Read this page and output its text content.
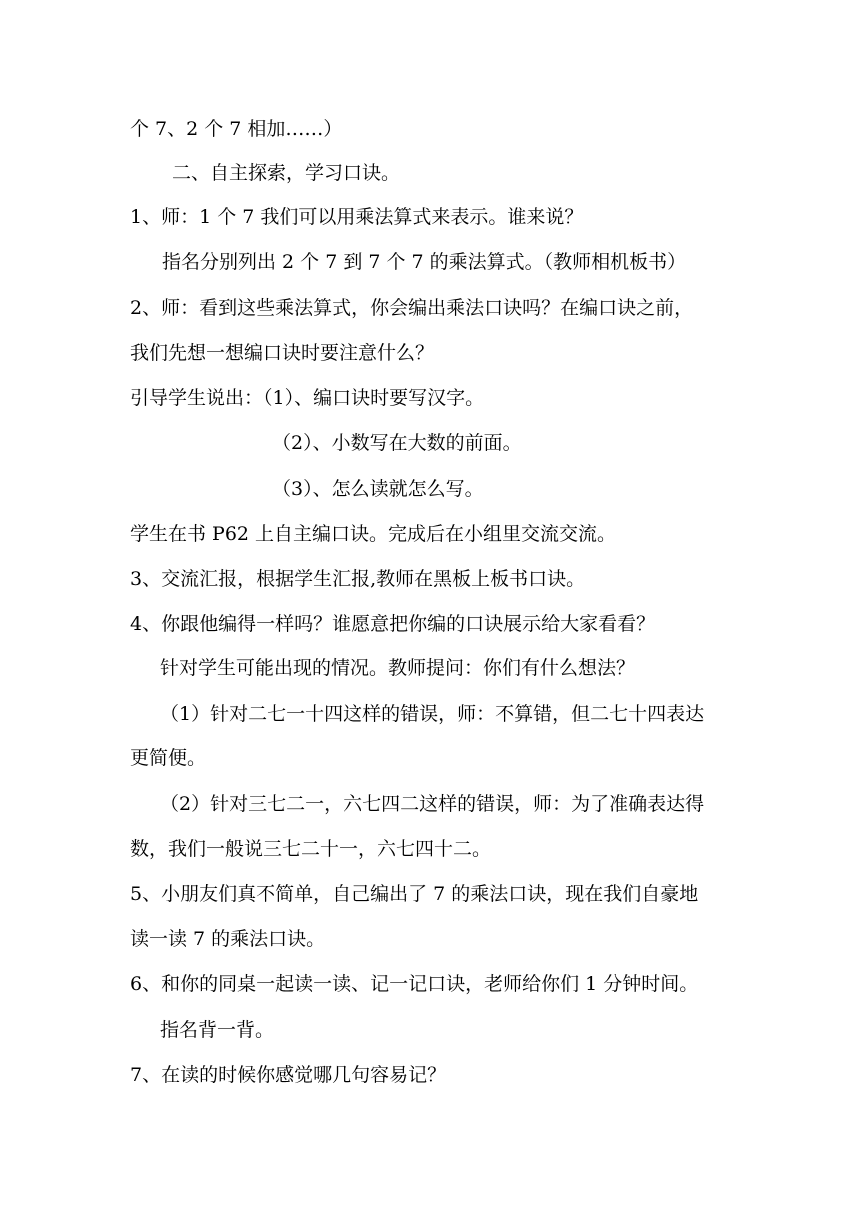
个 7、2 个 7 相加……）

二、自主探索，学习口诀。

1、师：1 个 7 我们可以用乘法算式来表示。谁来说？

指名分别列出 2 个 7 到 7 个 7 的乘法算式。（教师相机板书）

2、师：看到这些乘法算式，你会编出乘法口诀吗？在编口诀之前，

我们先想一想编口诀时要注意什么？

引导学生说出：（1）、编口诀时要写汉字。

（2）、小数写在大数的前面。

（3）、怎么读就怎么写。

学生在书 P62 上自主编口诀。完成后在小组里交流交流。

3、交流汇报，根据学生汇报,教师在黑板上板书口诀。

4、你跟他编得一样吗？谁愿意把你编的口诀展示给大家看看？

针对学生可能出现的情况。教师提问：你们有什么想法？

（1）针对二七一十四这样的错误，师：不算错，但二七十四表达

更简便。

（2）针对三七二一，六七四二这样的错误，师：为了准确表达得

数，我们一般说三七二十一，六七四十二。

5、小朋友们真不简单，自己编出了 7 的乘法口诀，现在我们自豪地

读一读 7 的乘法口诀。

6、和你的同桌一起读一读、记一记口诀，老师给你们 1 分钟时间。

指名背一背。

7、在读的时候你感觉哪几句容易记？
